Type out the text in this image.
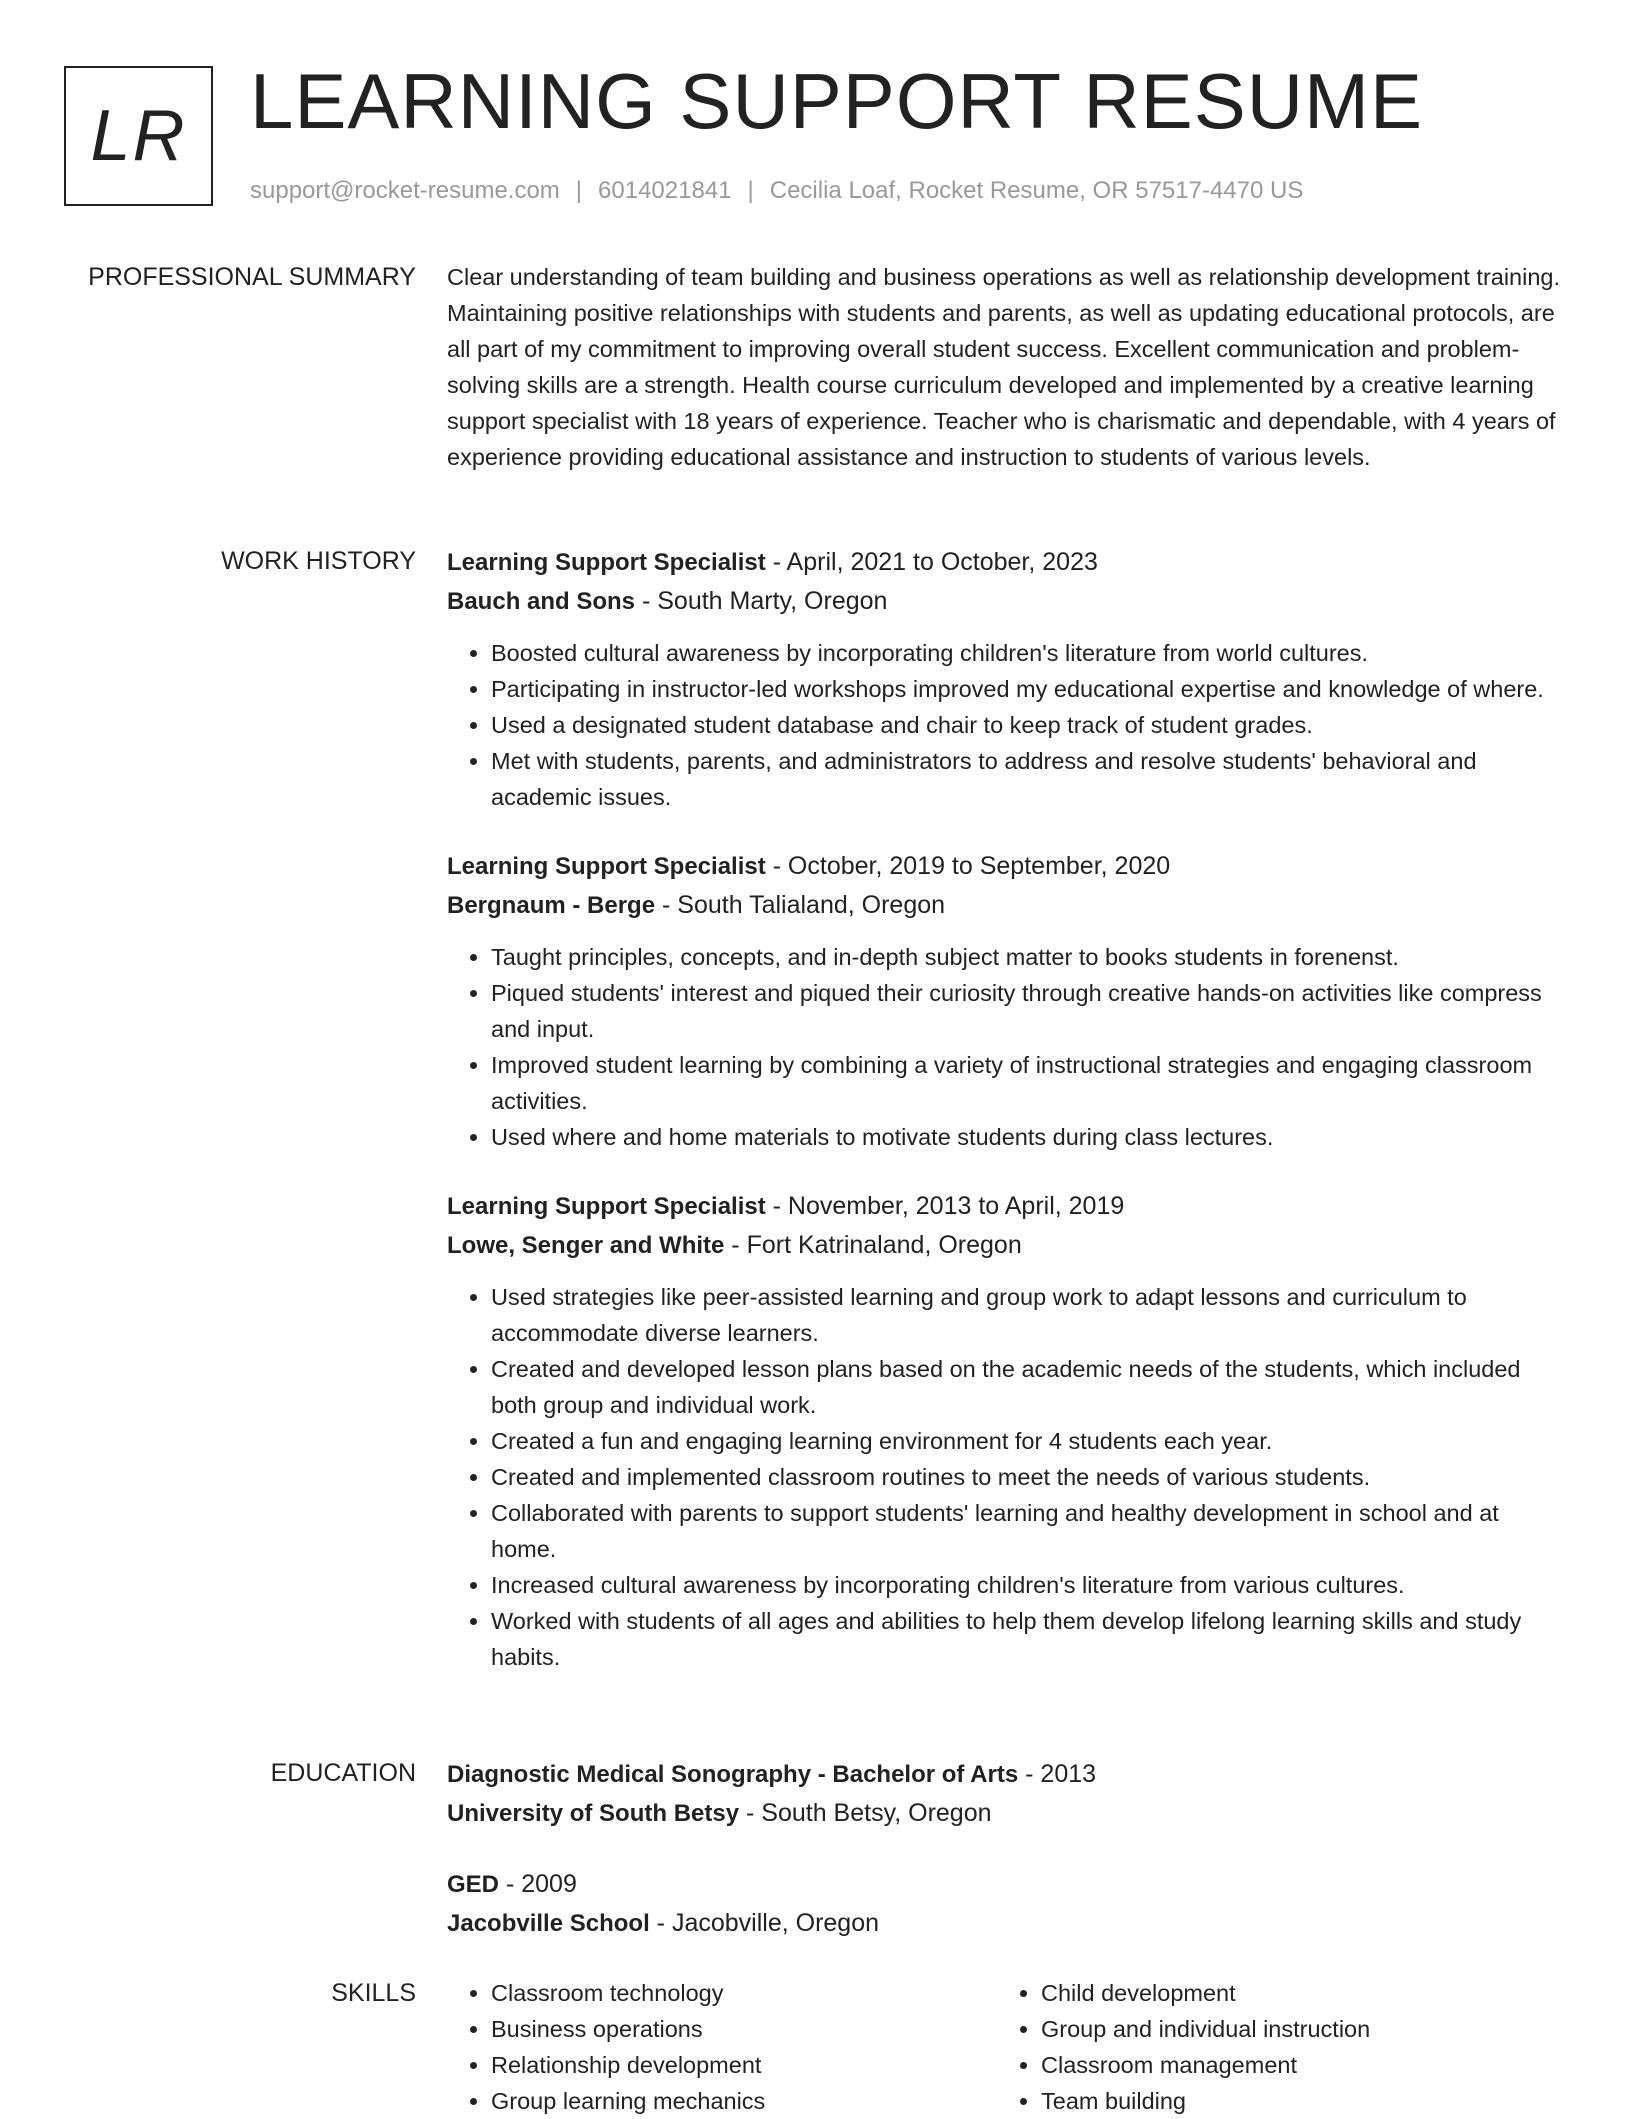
LR LEARNING SUPPORT RESUME
support@rocket-resume.com | 6014021841 | Cecilia Loaf, Rocket Resume, OR 57517-4470 US
PROFESSIONAL SUMMARY Clear understanding of team building and business operations as well as relationship development training. Maintaining positive relationships with students and parents, as well as updating educational protocols, are all part of my commitment to improving overall student success. Excellent communication and problem-solving skills are a strength. Health course curriculum developed and implemented by a creative learning support specialist with 18 years of experience. Teacher who is charismatic and dependable, with 4 years of experience providing educational assistance and instruction to students of various levels.

WORK HISTORY Learning Support Specialist - April, 2021 to October, 2023
Bauch and Sons - South Marty, Oregon
• Boosted cultural awareness by incorporating children's literature from world cultures.
• Participating in instructor-led workshops improved my educational expertise and knowledge of where.
• Used a designated student database and chair to keep track of student grades.
• Met with students, parents, and administrators to address and resolve students' behavioral and academic issues.
Learning Support Specialist - October, 2019 to September, 2020
Bergnaum - Berge - South Talialand, Oregon
• Taught principles, concepts, and in-depth subject matter to books students in forenenst.
• Piqued students' interest and piqued their curiosity through creative hands-on activities like compress and input.
• Improved student learning by combining a variety of instructional strategies and engaging classroom activities.
• Used where and home materials to motivate students during class lectures.
Learning Support Specialist - November, 2013 to April, 2019
Lowe, Senger and White - Fort Katrinaland, Oregon
• Used strategies like peer-assisted learning and group work to adapt lessons and curriculum to accommodate diverse learners.
• Created and developed lesson plans based on the academic needs of the students, which included both group and individual work.
• Created a fun and engaging learning environment for 4 students each year.
• Created and implemented classroom routines to meet the needs of various students.
• Collaborated with parents to support students' learning and healthy development in school and at home.
• Increased cultural awareness by incorporating children's literature from various cultures.
• Worked with students of all ages and abilities to help them develop lifelong learning skills and study habits.
EDUCATION Diagnostic Medical Sonography - Bachelor of Arts - 2013
University of South Betsy - South Betsy, Oregon
GED - 2009
Jacobville School - Jacobville, Oregon
SKILLS
•	Classroom technology
• Business operations
• Relationship development
• Group learning mechanics
• Child development
• Group and individual instruction
• Classroom management
• Team building
